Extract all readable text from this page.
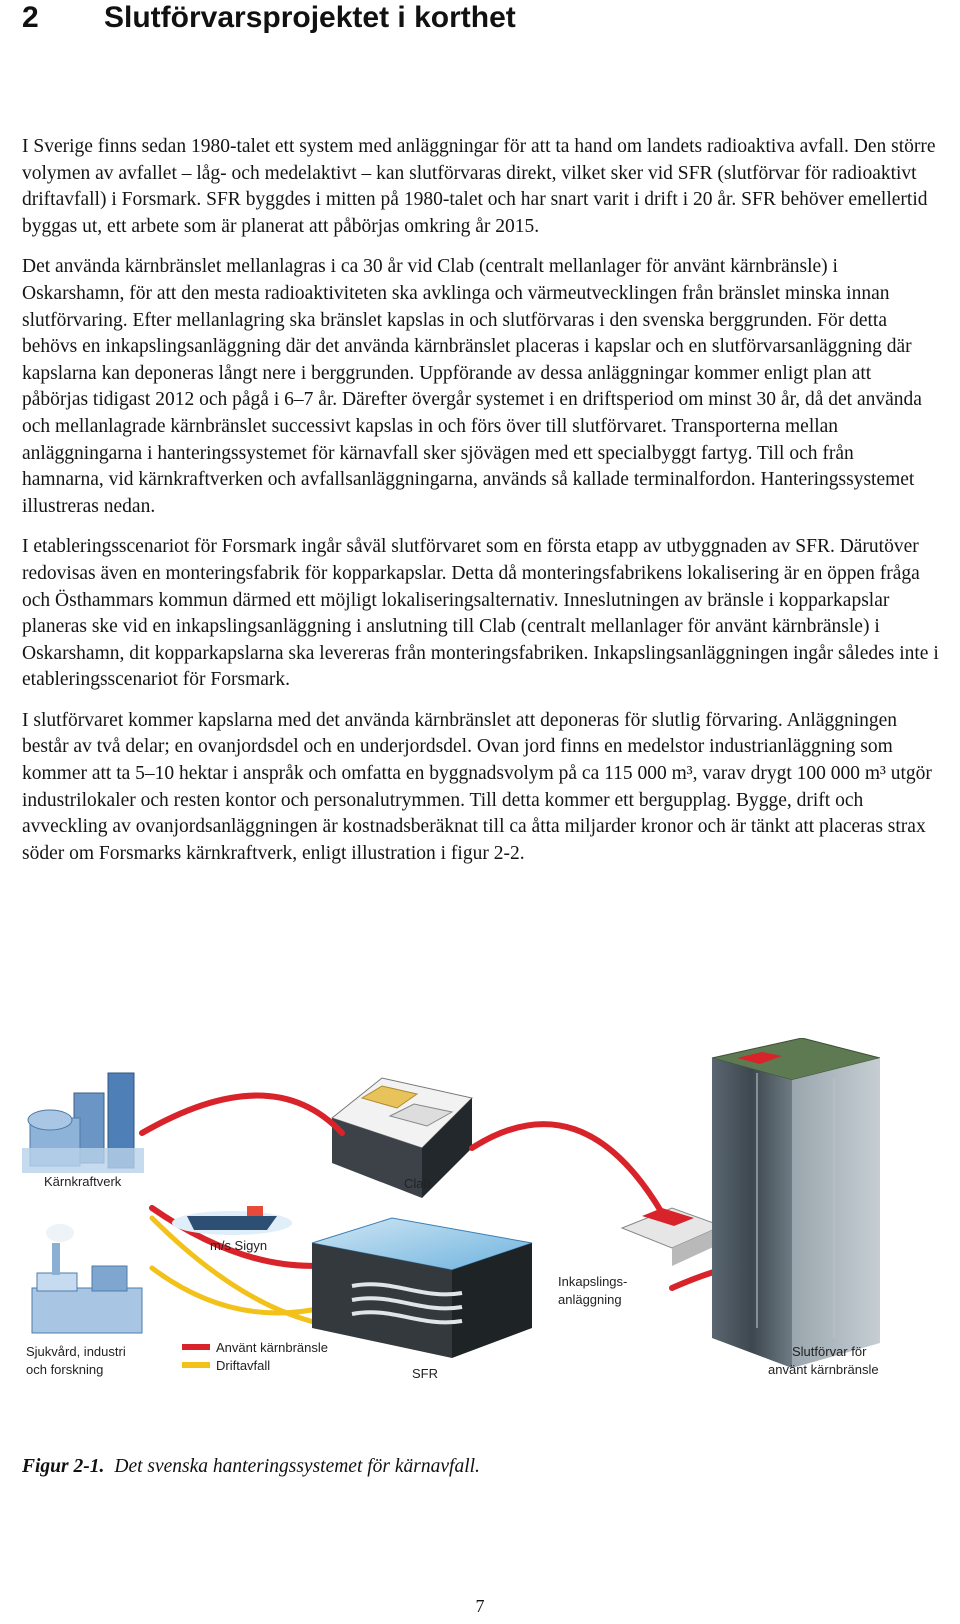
2 Slutförvarsprojektet i korthet

I Sverige finns sedan 1980-talet ett system med anläggningar för att ta hand om landets radioaktiva avfall. Den större volymen av avfallet – låg- och medelaktivt – kan slutförvaras direkt, vilket sker vid SFR (slutförvar för radioaktivt driftavfall) i Forsmark. SFR byggdes i mitten på 1980-talet och har snart varit i drift i 20 år. SFR behöver emellertid byggas ut, ett arbete som är planerat att påbörjas omkring år 2015.

Det använda kärnbränslet mellanlagras i ca 30 år vid Clab (centralt mellanlager för använt kärnbränsle) i Oskarshamn, för att den mesta radioaktiviteten ska avklinga och värmeutvecklingen från bränslet minska innan slutförvaring. Efter mellanlagring ska bränslet kapslas in och slutförvaras i den svenska berggrunden. För detta behövs en inkapslingsanläggning där det använda kärnbränslet placeras i kapslar och en slutförvarsanläggning där kapslarna kan deponeras långt nere i berggrunden. Uppförande av dessa anläggningar kommer enligt plan att påbörjas tidigast 2012 och pågå i 6–7 år. Därefter övergår systemet i en driftsperiod om minst 30 år, då det använda och mellanlagrade kärnbränslet successivt kapslas in och förs över till slutförvaret. Transporterna mellan anläggningarna i hanteringssystemet för kärnavfall sker sjövägen med ett specialbyggt fartyg. Till och från hamnarna, vid kärnkraftverken och avfallsanläggningarna, används så kallade terminalfordon. Hanteringssystemet illustreras nedan.

I etableringsscenariot för Forsmark ingår såväl slutförvaret som en första etapp av utbyggnaden av SFR. Därutöver redovisas även en monteringsfabrik för kopparkapslar. Detta då monteringsfabrikens lokalisering är en öppen fråga och Östhammars kommun därmed ett möjligt lokaliseringsalternativ. Inneslutningen av bränsle i kopparkapslar planeras ske vid en inkapslingsanläggning i anslutning till Clab (centralt mellanlager för använt kärnbränsle) i Oskarshamn, dit kopparkapslarna ska levereras från monteringsfabriken. Inkapslingsanläggningen ingår således inte i etableringsscenariot för Forsmark.

I slutförvaret kommer kapslarna med det använda kärnbränslet att deponeras för slutlig förvaring. Anläggningen består av två delar; en ovanjordsdel och en underjordsdel. Ovan jord finns en medelstor industrianläggning som kommer att ta 5–10 hektar i anspråk och omfatta en byggnadsvolym på ca 115 000 m³, varav drygt 100 000 m³ utgör industrilokaler och resten kontor och personalutrymmen. Till detta kommer ett bergupplag. Bygge, drift och avveckling av ovanjordsanläggningen är kostnadsberäknat till ca åtta miljarder kronor och är tänkt att placeras strax söder om Forsmarks kärnkraftverk, enligt illustration i figur 2-2.

Kärnkraftverk	Clab
m/s Sigyn
Sjukvård, industri
och forskning
Använt kärnbränsle
Driftavfall
SFR
Inkapslings-
anläggning
Slutförvar för
använt kärnbränsle
Figur 2-1. Det svenska hanteringssystemet för kärnavfall.
7
